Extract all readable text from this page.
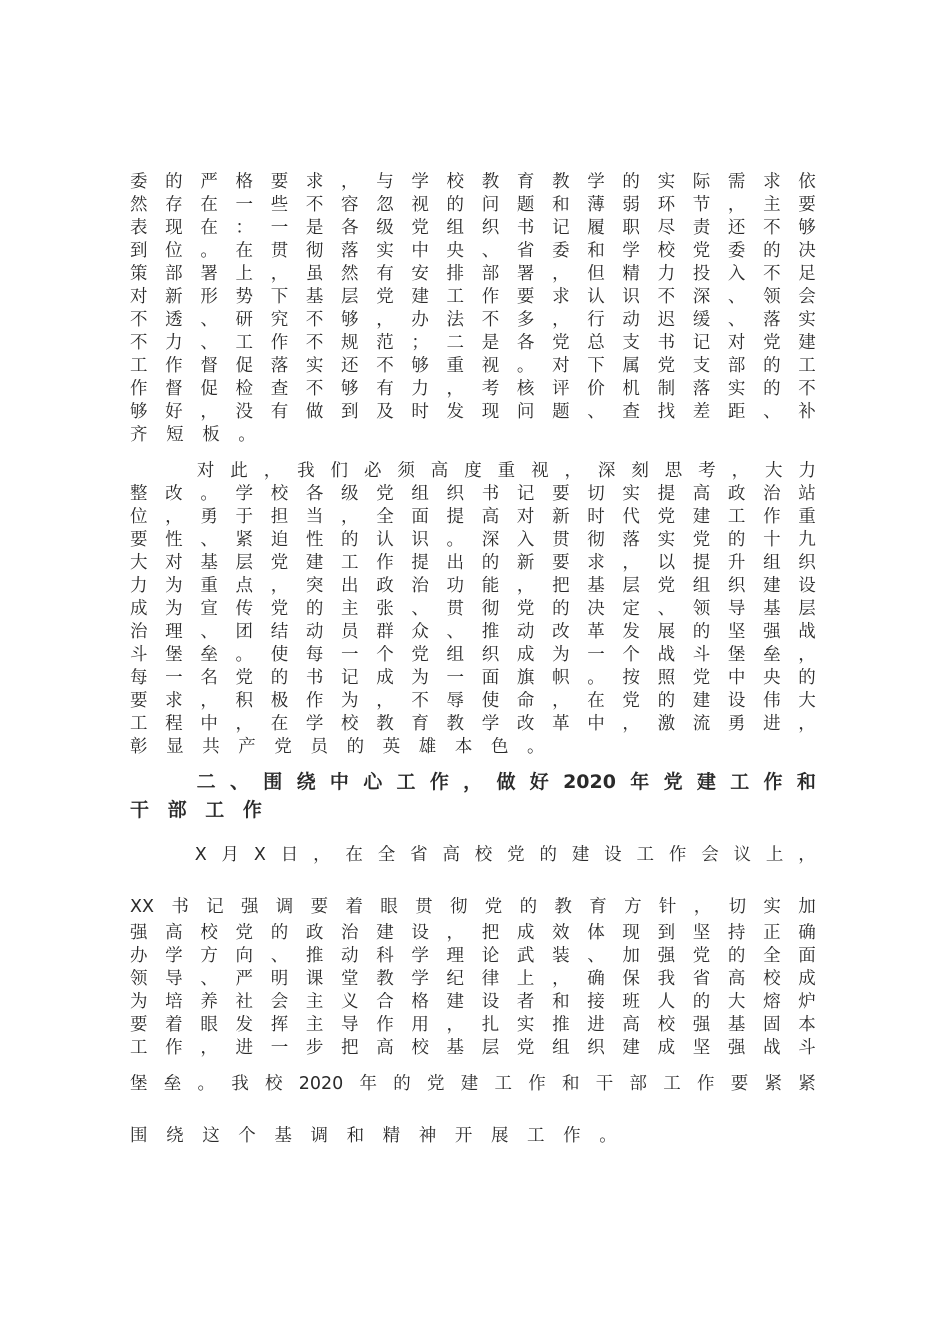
委 的 严 格 要 求 ， 与 学 校 教 育 教 学 的 实 际 需 求 依
然 存 在 一 些 不 容 忽 视 的 问 题 和 薄 弱 环 节 ， 主 要
表 现 在 ： 一 是 各 级 党 组 织 书 记 履 职 尽 责 还 不 够
到 位 。 在 贯 彻 落 实 中 央 、 省 委 和 学 校 党 委 的 决
策 部 署 上 ， 虽 然 有 安 排 部 署 ， 但 精 力 投 入 不 足
对 新 形 势 下 基 层 党 建 工 作 要 求 认 识 不 深 、 领 会
不 透 、 研 究 不 够 ， 办 法 不 多 ， 行 动 迟 缓 、 落 实
不 力 、 工 作 不 规 范 ； 二 是 各 党 总 支 书 记 对 党 建
工 作 督 促 落 实 还 不 够 重 视 。 对 下 属 党 支 部 的 工
作 督 促 检 查 不 够 有 力 ， 考 核 评 价 机 制 落 实 的 不
够 好 ， 没 有 做 到 及 时 发 现 问 题 、 查 找 差 距 、 补
齐 短 板 。

对 此 ， 我 们 必 须 高 度 重 视 ， 深 刻 思 考 ， 大 力
整 改 。 学 校 各 级 党 组 织 书 记 要 切 实 提 高 政 治 站
位 ， 勇 于 担 当 ， 全 面 提 高 对 新 时 代 党 建 工 作 重
要 性 、 紧 迫 性 的 认 识 。 深 入 贯 彻 落 实 党 的 十 九
大 对 基 层 党 建 工 作 提 出 的 新 要 求 ， 以 提 升 组 织
力 为 重 点 ， 突 出 政 治 功 能 ， 把 基 层 党 组 织 建 设
成 为 宣 传 党 的 主 张 、 贯 彻 党 的 决 定 、 领 导 基 层
治 理 、 团 结 动 员 群 众 、 推 动 改 革 发 展 的 坚 强 战
斗 堡 垒 。 使 每 一 个 党 组 织 成 为 一 个 战 斗 堡 垒 ，
每 一 名 党 的 书 记 成 为 一 面 旗 帜 。 按 照 党 中 央 的
要 求 ， 积 极 作 为 ， 不 辱 使 命 ， 在 党 的 建 设 伟 大
工 程 中 ， 在 学 校 教 育 教 学 改 革 中 ， 激 流 勇 进 ，
彰 显 共 产 党 员 的 英 雄 本 色 。

二 、 围 绕 中 心 工 作 ， 做 好 2020 年 党 建 工 作 和
干 部 工 作

X 月 X 日 ， 在 全 省 高 校 党 的 建 设 工 作 会 议 上 ，
XX 书 记 强 调 要 着 眼 贯 彻 党 的 教 育 方 针 ， 切 实 加
强 高 校 党 的 政 治 建 设 ， 把 成 效 体 现 到 坚 持 正 确
办 学 方 向 、 推 动 科 学 理 论 武 装 、 加 强 党 的 全 面
领 导 、 严 明 课 堂 教 学 纪 律 上 ， 确 保 我 省 高 校 成
为 培 养 社 会 主 义 合 格 建 设 者 和 接 班 人 的 大 熔 炉
要 着 眼 发 挥 主 导 作 用 ， 扎 实 推 进 高 校 强 基 固 本
工 作 ， 进 一 步 把 高 校 基 层 党 组 织 建 成 坚 强 战 斗
堡 垒 。 我 校 2020 年 的 党 建 工 作 和 干 部 工 作 要 紧 紧
围 绕 这 个 基 调 和 精 神 开 展 工 作 。
